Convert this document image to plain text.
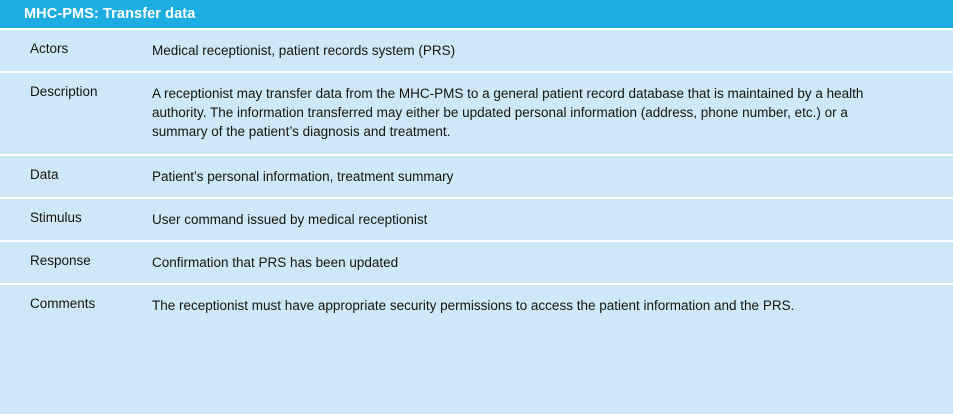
MHC-PMS: Transfer data
Actors	Medical receptionist, patient records system (PRS)
Description	A receptionist may transfer data from the MHC-PMS to a general patient record database that is maintained by a health authority. The information transferred may either be updated personal information (address, phone number, etc.) or a summary of the patient’s diagnosis and treatment.
Data	Patient’s personal information, treatment summary
Stimulus	User command issued by medical receptionist
Response	Confirmation that PRS has been updated
Comments	The receptionist must have appropriate security permissions to access the patient information and the PRS.
